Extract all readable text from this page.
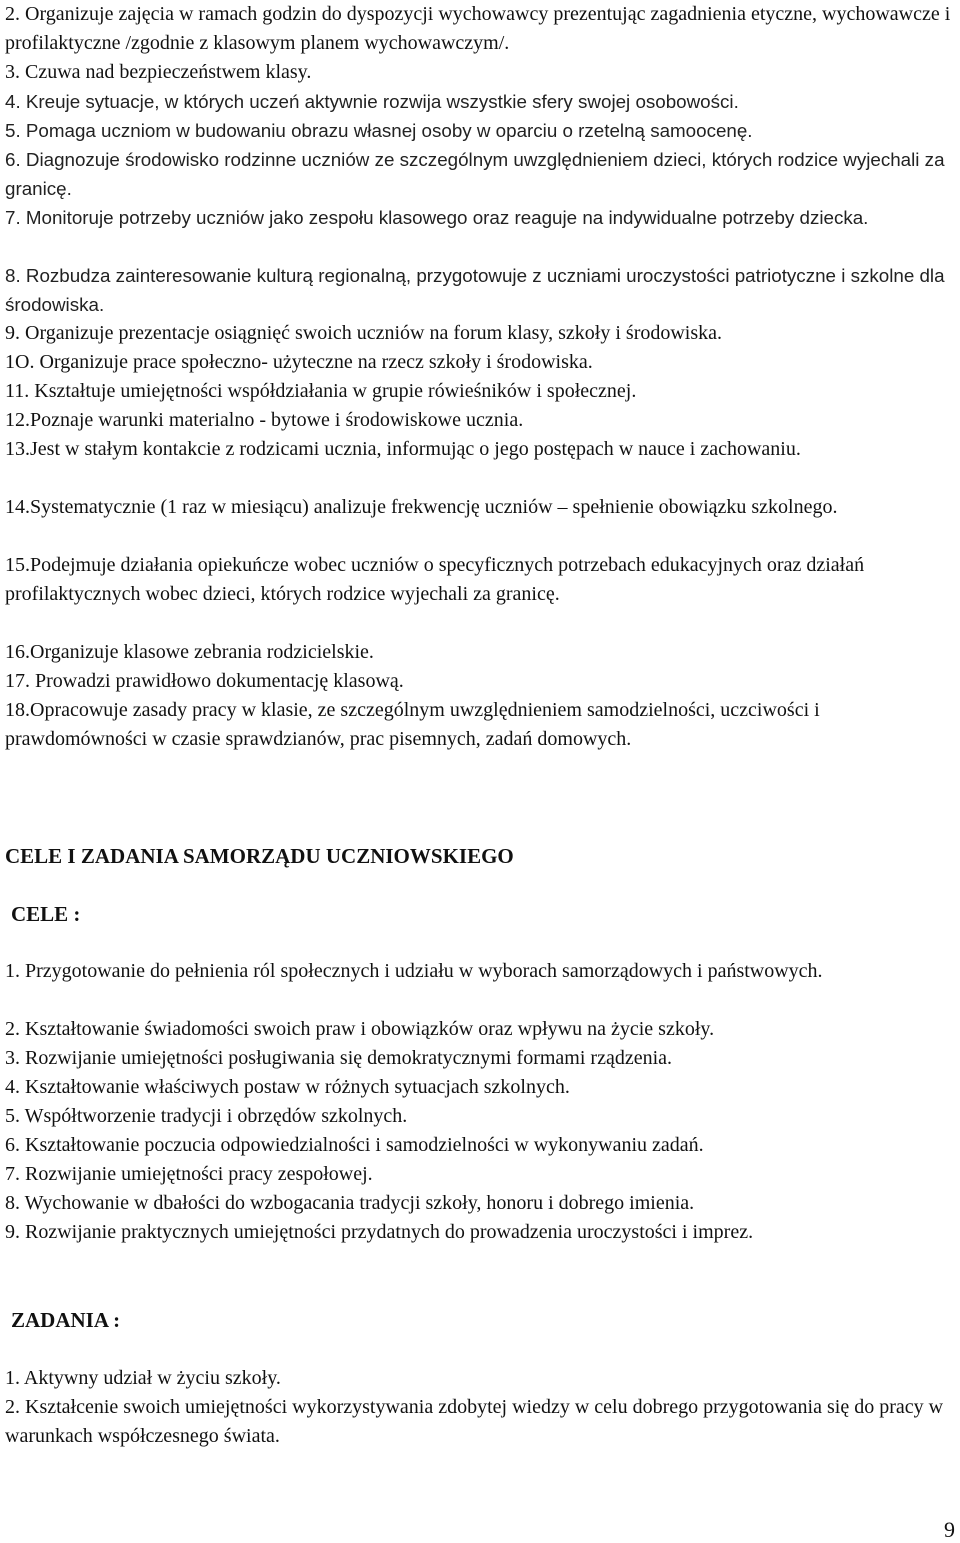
2. Organizuje zajęcia w ramach godzin do dyspozycji wychowawcy prezentując zagadnienia etyczne, wychowawcze i profilaktyczne /zgodnie z klasowym planem wychowawczym/.

3. Czuwa nad bezpieczeństwem klasy.

4. Kreuje sytuacje, w których uczeń aktywnie rozwija wszystkie sfery swojej osobowości.

5. Pomaga uczniom w budowaniu obrazu własnej osoby w oparciu o rzetelną samoocenę.

6. Diagnozuje środowisko rodzinne uczniów ze szczególnym uwzględnieniem dzieci, których rodzice wyjechali za granicę.

7. Monitoruje potrzeby uczniów jako zespołu klasowego oraz reaguje na indywidualne potrzeby dziecka.

8. Rozbudza zainteresowanie kulturą regionalną, przygotowuje z uczniami uroczystości patriotyczne i szkolne dla środowiska.

9. Organizuje prezentacje osiągnięć swoich uczniów na forum klasy, szkoły i środowiska.

1O. Organizuje prace społeczno- użyteczne na rzecz szkoły i środowiska.

11. Kształtuje umiejętności współdziałania w grupie rówieśników i społecznej.

12.Poznaje warunki materialno - bytowe i środowiskowe ucznia.

13.Jest w stałym kontakcie z rodzicami ucznia, informując o jego postępach w nauce i zachowaniu.

14.Systematycznie (1 raz w miesiącu) analizuje frekwencję uczniów – spełnienie obowiązku szkolnego.

15.Podejmuje działania opiekuńcze wobec uczniów o specyficznych potrzebach edukacyjnych oraz działań profilaktycznych wobec dzieci, których rodzice wyjechali za granicę.

16.Organizuje klasowe zebrania rodzicielskie.

17. Prowadzi prawidłowo dokumentację klasową.

18.Opracowuje zasady pracy w klasie, ze szczególnym uwzględnieniem samodzielności, uczciwości i prawdomówności w czasie sprawdzianów, prac pisemnych, zadań domowych.

CELE I ZADANIA SAMORZĄDU UCZNIOWSKIEGO
CELE :

1. Przygotowanie do pełnienia ról społecznych i udziału w wyborach samorządowych i państwowych.

2. Kształtowanie świadomości swoich praw i obowiązków oraz wpływu na życie szkoły.

3. Rozwijanie umiejętności posługiwania się demokratycznymi formami rządzenia.

4. Kształtowanie właściwych postaw w różnych sytuacjach szkolnych.

5. Współtworzenie tradycji i obrzędów szkolnych.

6. Kształtowanie poczucia odpowiedzialności i samodzielności w wykonywaniu zadań.

7. Rozwijanie umiejętności pracy zespołowej.

8. Wychowanie w dbałości do wzbogacania tradycji szkoły, honoru i dobrego imienia.

9. Rozwijanie praktycznych umiejętności przydatnych do prowadzenia uroczystości i imprez.

ZADANIA :

1. Aktywny udział w życiu szkoły.

2. Kształcenie swoich umiejętności wykorzystywania zdobytej wiedzy w celu dobrego przygotowania się do pracy w warunkach współczesnego świata.

9
